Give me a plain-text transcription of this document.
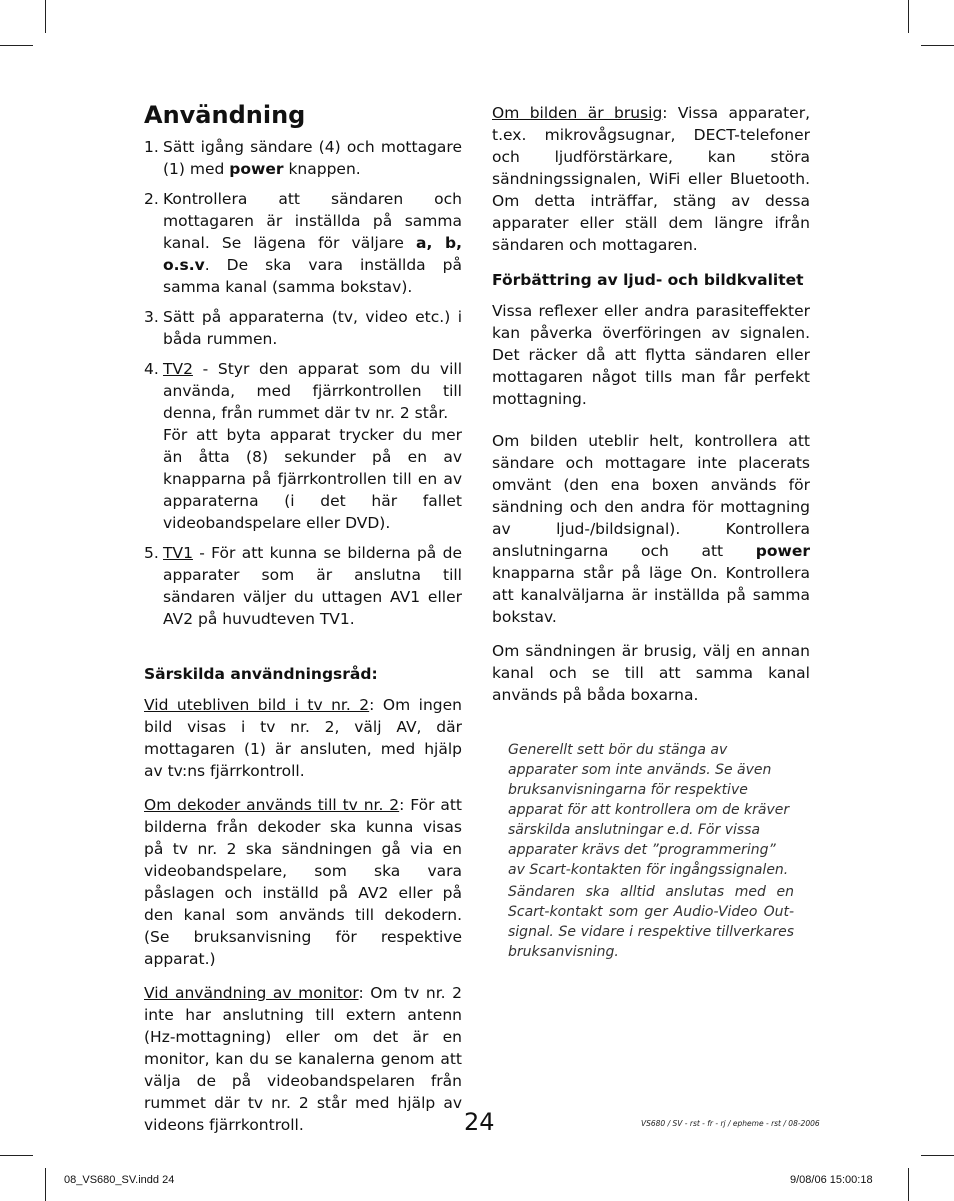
Användning
1. Sätt igång sändare (4) och mottagare (1) med power knappen.
2. Kontrollera att sändaren och mottagaren är inställda på samma kanal. Se lägena för väljare a, b, o.s.v. De ska vara inställda på samma kanal (samma bokstav).
3. Sätt på apparaterna (tv, video etc.) i båda rummen.
4. TV2 - Styr den apparat som du vill använda, med fjärrkontrollen till denna, från rummet där tv nr. 2 står.
För att byta apparat trycker du mer än åtta (8) sekunder på en av knapparna på fjärrkontrollen till en av apparaterna (i det här fallet videobandspelare eller DVD).
5. TV1 - För att kunna se bilderna på de apparater som är anslutna till sändaren väljer du uttagen AV1 eller AV2 på huvudteven TV1.
Särskilda användningsråd:

Vid utebliven bild i tv nr. 2: Om ingen bild visas i tv nr. 2, välj AV, där mottagaren (1) är ansluten, med hjälp av tv:ns fjärrkontroll.

Om dekoder används till tv nr. 2: För att bilderna från dekoder ska kunna visas på tv nr. 2 ska sändningen gå via en videobandspelare, som ska vara påslagen och inställd på AV2 eller på den kanal som används till dekodern. (Se bruksanvisning för respektive apparat.)

Vid användning av monitor: Om tv nr. 2 inte har anslutning till extern antenn (Hz-mottagning) eller om det är en monitor, kan du se kanalerna genom att välja de på videobandspelaren från rummet där tv nr. 2 står med hjälp av videons fjärrkontroll.

Om bilden är brusig: Vissa apparater, t.ex. mikrovågsugnar, DECT-telefoner och ljudförstärkare, kan störa sändningssignalen, WiFi eller Bluetooth. Om detta inträffar, stäng av dessa apparater eller ställ dem längre ifrån sändaren och mottagaren.

Förbättring av ljud- och bildkvalitet

Vissa reflexer eller andra parasiteffekter kan påverka överföringen av signalen. Det räcker då att flytta sändaren eller mottagaren något tills man får perfekt mottagning.

Om bilden uteblir helt, kontrollera att sändare och mottagare inte placerats omvänt (den ena boxen används för sändning och den andra för mottagning av ljud-/bildsignal). Kontrollera anslutningarna och att power knapparna står på läge On. Kontrollera att kanalväljarna är inställda på samma bokstav.

Om sändningen är brusig, välj en annan kanal och se till att samma kanal används på båda boxarna.

Generellt sett bör du stänga av apparater som inte används. Se även bruksanvisningarna för respektive apparat för att kontrollera om de kräver särskilda anslutningar e.d. För vissa apparater krävs det ”programmering” av Scart-kontakten för ingångssignalen.

Sändaren ska alltid anslutas med en Scart-kontakt som ger Audio-Video Out-signal. Se vidare i respektive tillverkares bruksanvisning.

24	VS680 / SV - rst - fr - rj / epheme - rst / 08-2006
08_VS680_SV.indd 24	9/08/06 15:00:18
